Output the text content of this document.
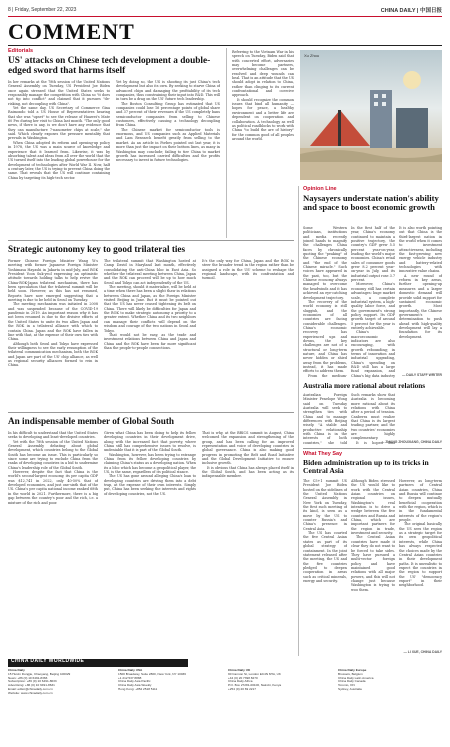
8 | Friday, September 22, 2023	CHINA DAILY | 中国日报
COMMENT
Editorials
US' attacks on Chinese tech development a double-edged sword that harms itself

In her remarks at the 78th session of the United Nations General Assembly on Tuesday, US President Joe Biden once again stressed that the United States seeks to responsibly manage the competition with China so "it does not tip into conflict" and claimed that it pursues "de-risking, not decoupling with China".

Yet the same day, US Secretary of Commerce Gina Raimondo told a US House of Representatives hearing that she was "upset" to see the release of Huawei's Mate 60 Pro during her visit to China last month. "The only good news, if there is any, is we don't have any evidence that they can manufacture 7-nanometer chips at scale," she said. Which clearly exposes the pressure mentality that prevails in Washington.

When China adopted its reform and opening-up policy in 1978, the US was a main source of knowledge and experience that it learned from. Likewise, it was by absorbing talent and ideas from all over the world that the US turned itself into the leading global powerhouse for the development of technologies after World War II. Now, half a century later, the US is trying to prevent China doing the same. That reveals that the US will continue containing China by targeting its high-tech sector.

Yet by doing so, the US is shooting its just China's tech development but also its own. By seeking to starve China of advanced chips and damaging the profitability of its tech companies, thus constraining their input into R&D. This will in turn be a drag on the US' future tech leadership.

The Boston Consulting Group has estimated that US companies could lose 16 percentage points of global share and 37 percent of their revenues if the US completely bans semiconductor companies from selling to Chinese customers, effectively causing a technology decoupling from China.

The Chinese market for semiconductor tools is enormous, and US companies such as Applied Materials and Lam Research benefit greatly from selling to the market. As an article in Forbes pointed out last year, it is more than just the impact on their bottom lines, as many in Washington may conclude; failing to tier China to market growth has increased carried difficulties and the profits necessary to invest in future technologies.

Referring to the Vietnam War in his speech on Tuesday, Biden said that with concerted effort, adversaries may become partners, overwhelming challenges can be resolved and deep wounds can heal. That is an attitude that the US should adopt in relation to China, rather than clinging to its current confrontational and coercive approach.

It should recognize the common issues that bind all humanity — hopes for peace, a healthy environment and a better life are dependent on cooperation and collaboration. A technology as well as political roadblocks to work with China "to build the are of history" for the common good of all peoples around the world.

Xu Zhou
Strategic autonomy key to good trilateral ties

Former Chinese Foreign Minister Wang Yi's meeting with former Japanese Foreign Minister Yoshimasa Hayashi in Jakarta in mid-July, and ROK President Yoon Suk-yeol expressing an optimistic attitude towards holding talks to help revive the China-ROK-Japan trilateral mechanism, there has been speculation that the trilateral summit will be held soon. However, as this has not resumed, Reports have now emerged suggesting that a meeting is due to be held in Seoul on Tuesday.

The meeting mechanism was initiated in 2008 and was suspended because of the COVID-19 pandemic in 2019. An important reason why it has not been resumed is due to the divisive efforts of the United States to unite its two allies Japan and the ROK in a trilateral alliance with which to contain China. Japan and the ROK have fallen in line with that, at the expense of their own ties with China.

Although both Seoul and Tokyo have expressed their willingness to see the early resumption of the trilateral communication mechanism, both the ROK and Japan are part of the US' chip alliance, as well as regional security alliances formed to rein in China.

The trilateral summit that Washington hosted at Camp David in Maryland last month, effectively consolidating the anti-China bloc in East Asia. So whether the trilateral meeting between China, Japan and the ROK can proceed will be up to how much Seoul and Tokyo can act independently of the US.

The meeting, should it materialize, will be held at a time when there has been a slight thaw in relations between China and Japan, as the Foreign Minister visited Beijing in June. But it must be pointed out that the US has never ceased tightening its belt on China. There will likely be difficulties for Japan and the ROK to make strategic autonomy a priority to a greater extent. Whether China and its two neighbors can manage their conflicts will depend on the wisdom and courage of the two nations in Seoul and Tokyo.

That would not be easy, as the trade and investment relations between China and Japan and China and the ROK have been far more significant than the people-to-people connections.

It's the only way for China, Japan and the ROK to steer the broader trend in the region rather than be assigned a role in the US' scheme to reshape the regional landscape, with its confrontation and turmoil.

An indispensable member of Global South

In his difficult to understand that the United States seeks to developing and least-developed countries.

Yet with the 78th session of the United Nations General Assembly debating about global development, which countries belong to the Global South has become an issue. This is particularly so since some are trying to exclude China from the ranks of developing countries in a bid to undermine China's leadership role of the Global South.

However, despite the fact that China is the world's second-largest economy, its per capita GDP was $12,741 in 2022, only 40-50% that of developed economies, and just one-sixth that of the US. China's per capita national income ranked 68th in the world in 2021. Furthermore, there is a big gap between the country's poor and the rich, i.e. a mixture of the rich and poor.

Given what China has been doing to help its fellow developing countries in their development drive, along with the increased fact that poverty, where China still has comprehensive issues to resolve, is undeniable that it is part of the Global South.

Washington, however, has been trying to estrange China from its fellow developing countries by claiming China's status as a developing nation. When its a bloc which has become a geopolitical player, the US, is the same, regardless of its political stance.

The US has gone around alleging China's loan to developing countries are driving them into a debt trap, at the expense of their own interests. Simply put, China has been seeking the interests and rights of developing countries, not the US.

That is why, at the BRICS summit in August, China welcomed the expansion and strengthening of the group, and has been calling for an improved representation and voice of developing countries in global governance. China is also making good progress in promoting the Belt and Road Initiative and the Global Development Initiative to ensure inclusive growth.

It is obvious that China has always placed itself in the Global South, and has been acting as its indispensable member.

Opinion Line
Naysayers understate nation's ability and space to boost economic growth

Some Western politicians, institutions and media recently joined hands to magnify the challenges China faces by chronically quoting the "peaking" of the Chinese economy and "the end of the Chinese miracle." Such voices have appeared in the past, too, but the Chinese economy always managed to overcome the headwinds and it has achieved an eye-catching development trajectory.

The recovery of the world economy is still sluggish, and the economies of all countries are facing considerable challenges. China's economic recovery has experienced ups and downs, the key challenges are not of a structural or long-term nature, and China has never hidden or shied away from the problems, instead, it has made efforts to address them.

From the medium-

In the first half of the year, China's economy continued to maintain a positive trajectory, the country's GDP grew 5.5 percent year-on-year, leading the world's major economies. China's retail sales of consumer goods grew 8.2 percent year-on-year in July, and its industrial output rose 3.7 percent.

Moreover, China's economy still has certain advantages: huge market scale, a complete industrial system, a high-quality labor force, and the government's strong policy support. Its GDP growth target of around 5 percent for the year is entirely achievable.

China's macroeconomic indicators are also encouraging, with growth rebounding; in terms of innovation and industrial upgrading, China's spending on R&D still has a large fund expansion, and China's big data industry

It is also worth pointing out that China is the third-largest nation in the world when it comes to investment attractiveness, including the fast-growing new energy vehicle industry and battery-related technologies with innovative value chains.

A new round of reform in key areas, further opening-up measures and a larger domestic demand will provide solid support for sustained economic growth. Most importantly, the Chinese government's determination to push ahead with high-quality development will lay a foundation for its development.

— DAILY STAFF WRITER
Australia more rational about relations

Australian Foreign Minister Penelope Wong said on Tuesday Australia will seek to strengthen ties with China and to manage differences with Beijing wisely. "A stable and productive relationship with China is in the interests of both countries," she told

Such remarks show that Australia is becoming more rational about its relations with China after a period of tension. Canberra must realize that China is its largest trading partner, and the two countries' economies are highly complementary.

It is hoped that

— ZHANG ZHOUXIANG, CHINA DAILY
What They Say
Biden administration up to its tricks in Central Asia

The C5+1 summit US President Joe Biden hosted on the sidelines of the United Nations General Assembly in New York on Tuesday, the first such meeting of its kind, is seen as a move by the US to counter Russia's and China's presence in Central Asia.

The US has courted the five Central Asian states as part of its global strategy of containment. In the joint statement released after the meeting, the US and the five countries pledged to deepen cooperation in areas such as critical minerals, energy and security.

Although Biden stressed the US would like to work with the Central Asian countries on regional issues, Washington's real intention is to drive a wedge between the five countries and Russia and China, which are important partners for the region in trade, investment and security.

The Central Asian countries have made it clear they do not want to be forced to take sides. They have pursued a multi-vector foreign policy and have maintained good relations with all major powers, and this will not change just because Washington is trying to woo them.

However, as long-term partners of Central Asian countries, China and Russia will continue to deepen mutually beneficial cooperation with the region, which is in the fundamental interests of the region's people.

The original basically the US sees the region as a strategic target for its own geopolitical interests, while China has always respected the choices made by the Central Asian countries in their development paths. It is unrealistic to expect the countries in the region to support the US' "democracy export" in their neighborhood.

— LI XUE, CHINA DAILY
CHINA DAILY WORLDWIDE
China Daily
15 Huixin Dongjie, Chaoyang, Beijing 100029
News: +86 (0) 10 6491-8366
Subscription: +86 (0) 10 6491-8633
Advertising: +86 (0) 10 6491-8631
Email: editor@chinadaily.com.cn
Website: www.chinadaily.com.cn
China Daily USA
1500 Broadway, Suite 2800, New York, NY 10036
+1 212 537 8888
China Daily Asia Pacific
China Daily Asia Weekly
Hong Kong: +852 2518 5111
China Daily UK
90 Cannon St, London EC4N 6HA, UK
+44 (0) 20 7398 8270
China Daily Africa
P.O. Box 27281-00100, Nairobi, Kenya
+254 (0) 20 69 2217
China Daily Europe
Brussels, Belgium
China Daily Latin America
China Daily Canada
Toronto, ON
Sydney, Australia
